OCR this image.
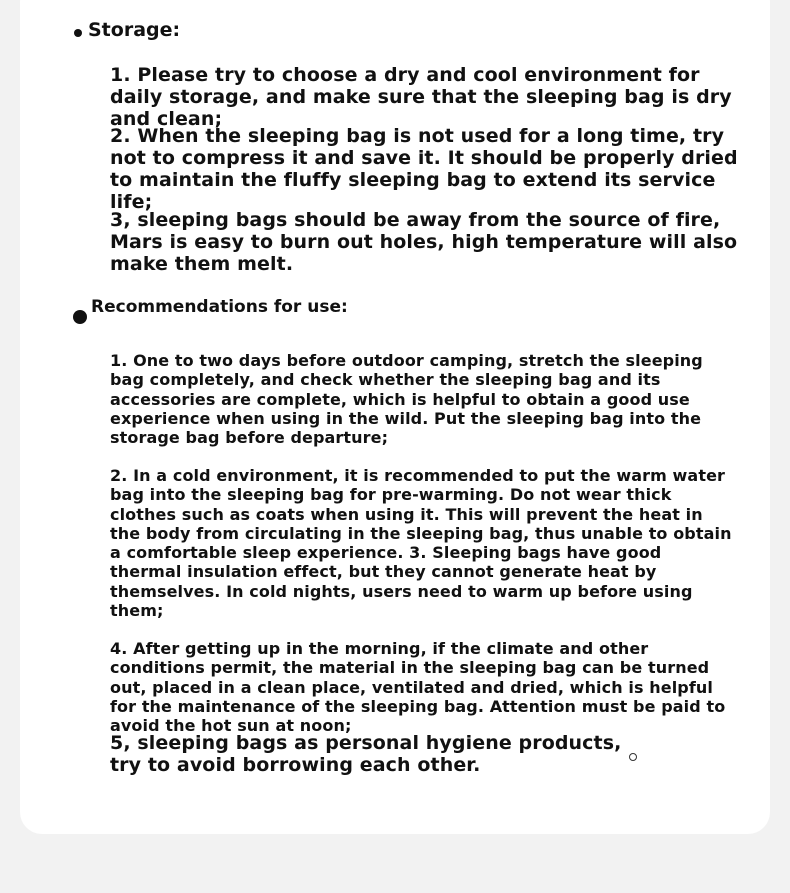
Storage:

1. Please try to choose a dry and cool environment for daily storage, and make sure that the sleeping bag is dry and clean;

2. When the sleeping bag is not used for a long time, try not to compress it and save it. It should be properly dried to maintain the fluffy sleeping bag to extend its service life;

3, sleeping bags should be away from the source of fire, Mars is easy to burn out holes, high temperature will also make them melt.

Recommendations for use:

1. One to two days before outdoor camping, stretch the sleeping bag completely, and check whether the sleeping bag and its accessories are complete, which is helpful to obtain a good use experience when using in the wild. Put the sleeping bag into the storage bag before departure;

2. In a cold environment, it is recommended to put the warm water bag into the sleeping bag for pre-warming. Do not wear thick clothes such as coats when using it. This will prevent the heat in the body from circulating in the sleeping bag, thus unable to obtain a comfortable sleep experience. 3. Sleeping bags have good thermal insulation effect, but they cannot generate heat by themselves. In cold nights, users need to warm up before using them;

4. After getting up in the morning, if the climate and other conditions permit, the material in the sleeping bag can be turned out, placed in a clean place, ventilated and dried, which is helpful for the maintenance of the sleeping bag. Attention must be paid to avoid the hot sun at noon;

5, sleeping bags as personal hygiene products, try to avoid borrowing each other.
